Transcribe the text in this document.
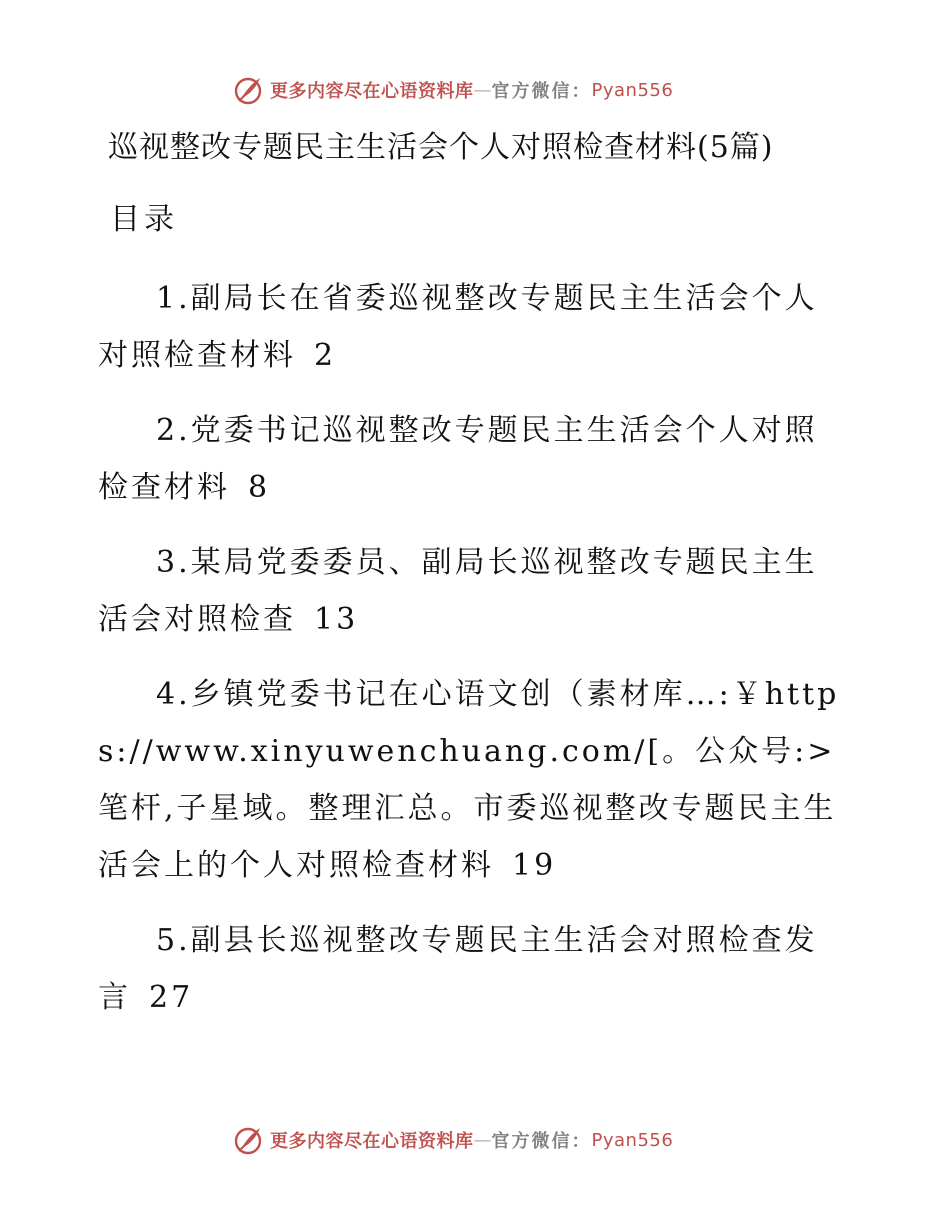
更多内容尽在心语资料库 — 官方微信： Pyan556
巡视整改专题民主生活会个人对照检查材料(5篇)
目录
1.副局长在省委巡视整改专题民主生活会个人对照检查材料 2
2.党委书记巡视整改专题民主生活会个人对照检查材料 8
3.某局党委委员、副局长巡视整改专题民主生活会对照检查 13
4.乡镇党委书记在心语文创（素材库…:￥https://www.xinyuwenchuang.com/[。公众号:>笔杆,子星域。整理汇总。市委巡视整改专题民主生活会上的个人对照检查材料 19
5.副县长巡视整改专题民主生活会对照检查发言 27
更多内容尽在心语资料库 — 官方微信： Pyan556
